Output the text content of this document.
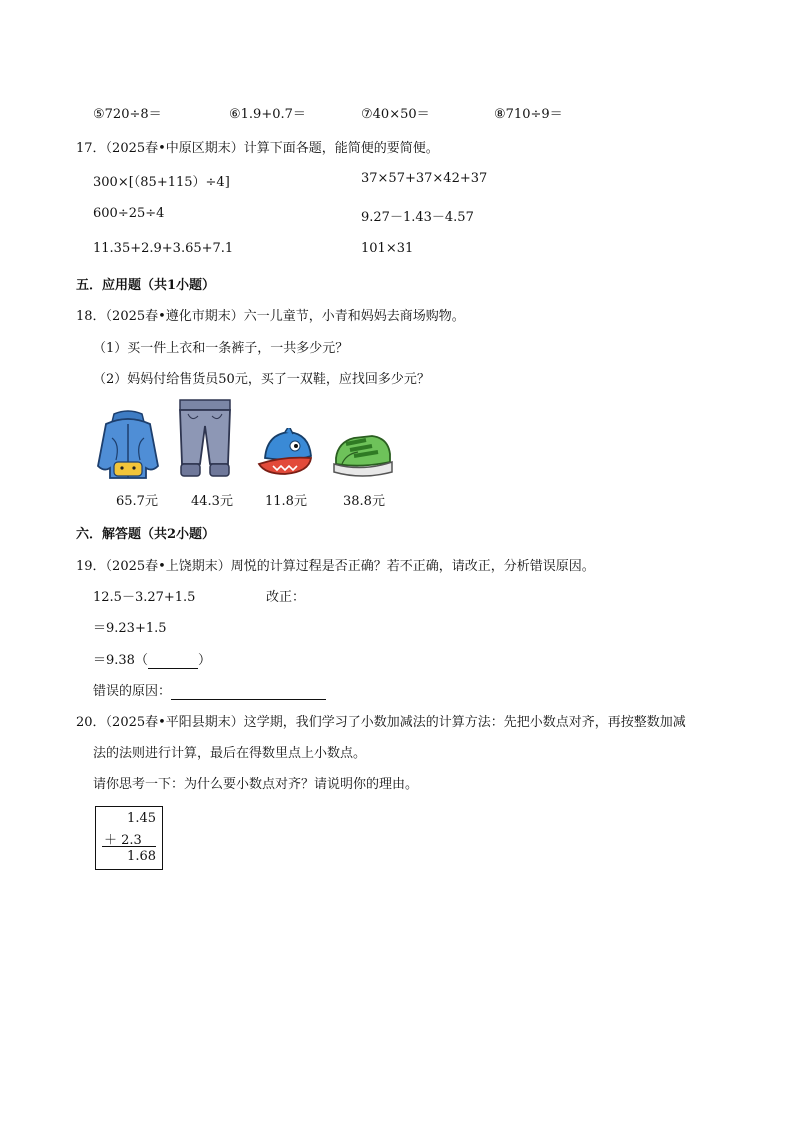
⑤720÷8＝	⑥1.9+0.7＝	⑦40×50＝	⑧710÷9＝
17．（2025春•中原区期末）计算下面各题，能简便的要简便。
300×[（85+115）÷4]	37×57+37×42+37
600÷25÷4	9.27－1.43－4.57
11.35+2.9+3.65+7.1	101×31
五．应用题（共1小题）
18．（2025春•遵化市期末）六一儿童节，小青和妈妈去商场购物。
（1）买一件上衣和一条裤子，一共多少元？
（2）妈妈付给售货员50元，买了一双鞋，应找回多少元？
65.7元	44.3元 11.8元	38.8元
六．解答题（共2小题）
19．（2025春•上饶期末）周悦的计算过程是否正确？若不正确，请改正，分析错误原因。
12.5－3.27+1.5	改正：
＝9.23+1.5
＝9.38（	）
错误的原因：
20．（2025春•平阳县期末）这学期，我们学习了小数加减法的计算方法：先把小数点对齐，再按整数加减
法的法则进行计算，最后在得数里点上小数点。
请你思考一下：为什么要小数点对齐？请说明你的理由。
1.45
＋ 2.3
1.68
